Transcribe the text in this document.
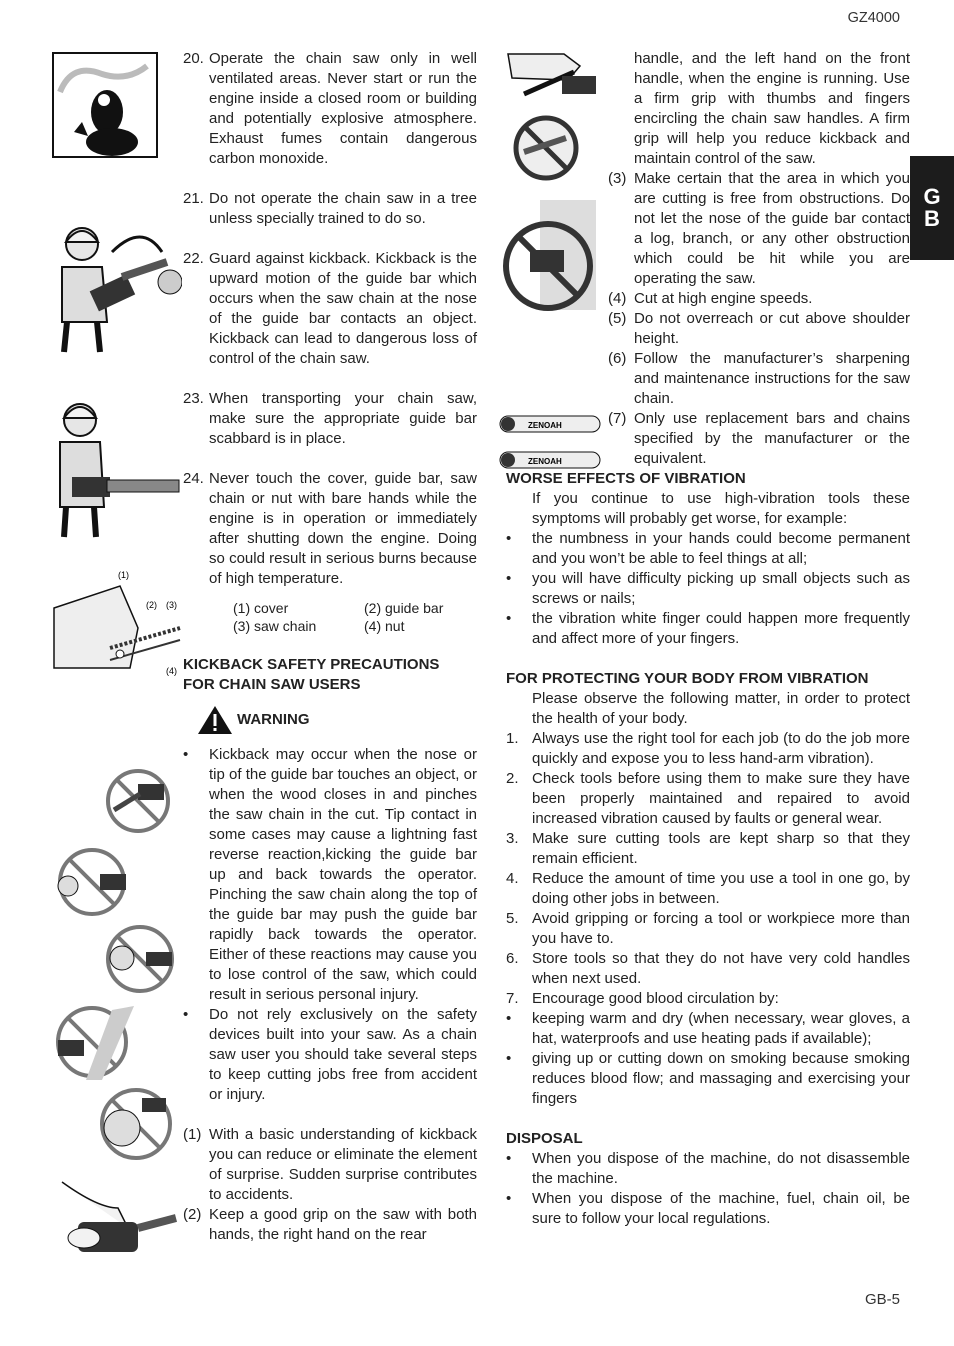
GZ4000
G
B
GB-5
(1)
(2) (3)
(4)
ZENOAH
ZENOAH

20. Operate the chain saw only in well ventilated areas. Never start or run the engine inside a closed room or building and potentially explosive atmosphere. Exhaust fumes contain dangerous carbon monoxide.

21. Do not operate the chain saw in a tree unless specially trained to do so.

22. Guard against kickback. Kickback is the upward motion of the guide bar which occurs when the saw chain at the nose of the guide bar contacts an object. Kickback can lead to dangerous loss of control of the chain saw.

23. When transporting your chain saw, make sure the appropriate guide bar scabbard is in place.

24. Never touch the cover, guide bar, saw chain or nut with bare hands while the engine is in operation or immediately after shutting down the engine. Doing so could result in serious burns because of high temperature.

(1) cover	(2) guide bar
(3) saw chain	(4) nut

KICKBACK SAFETY PRECAUTIONS

FOR CHAIN SAW USERS

WARNING

• Kickback may occur when the nose or tip of the guide bar touches an object, or when the wood closes in and pinches the saw chain in the cut. Tip contact in some cases may cause a lightning fast reverse reaction,kicking the guide bar up and back towards the operator. Pinching the saw chain along the top of the guide bar may push the guide bar rapidly back towards the operator. Either of these reactions may cause you to lose control of the saw, which could result in serious personal injury.

• Do not rely exclusively on the safety devices built into your saw. As a chain saw user you should take several steps to keep cutting jobs free from accident or injury.

(1) With a basic understanding of kickback you can reduce or eliminate the element of surprise. Sudden surprise contributes to accidents.

(2) Keep a good grip on the saw with both hands, the right hand on the rear

handle, and the left hand on the front handle, when the engine is running. Use a firm grip with thumbs and fingers encircling the chain saw handles. A firm grip will help you reduce kickback and maintain control of the saw.

(3) Make certain that the area in which you are cutting is free from obstructions. Do not let the nose of the guide bar contact a log, branch, or any other obstruction which could be hit while you are operating the saw.

(4) Cut at high engine speeds.

(5) Do not overreach or cut above shoulder height.

(6) Follow the manufacturer’s sharpening and maintenance instructions for the saw chain.

(7) Only use replacement bars and chains specified by the manufacturer or the equivalent.

WORSE EFFECTS OF VIBRATION

If you continue to use high-vibration tools these symptoms will probably get worse, for example:

• the numbness in your hands could become permanent and you won’t be able to feel things at all;

• you will have difficulty picking up small objects such as screws or nails;

• the vibration white finger could happen more frequently and affect more of your fingers.

FOR PROTECTING YOUR BODY FROM VIBRATION

Please observe the following matter, in order to protect the health of your body.

1. Always use the right tool for each job (to do the job more quickly and expose you to less hand-arm vibration).

2. Check tools before using them to make sure they have been properly maintained and repaired to avoid increased vibration caused by faults or general wear.

3. Make sure cutting tools are kept sharp so that they remain efficient.

4. Reduce the amount of time you use a tool in one go, by doing other jobs in between.

5. Avoid gripping or forcing a tool or workpiece more than you have to.

6. Store tools so that they do not have very cold handles when next used.

7. Encourage good blood circulation by:

• keeping warm and dry (when necessary, wear gloves, a hat, waterproofs and use heating pads if available);

• giving up or cutting down on smoking because smoking reduces blood flow; and massaging and exercising your fingers

DISPOSAL

• When you dispose of the machine, do not disassemble the machine.

• When you dispose of the machine, fuel, chain oil, be sure to follow your local regulations.
